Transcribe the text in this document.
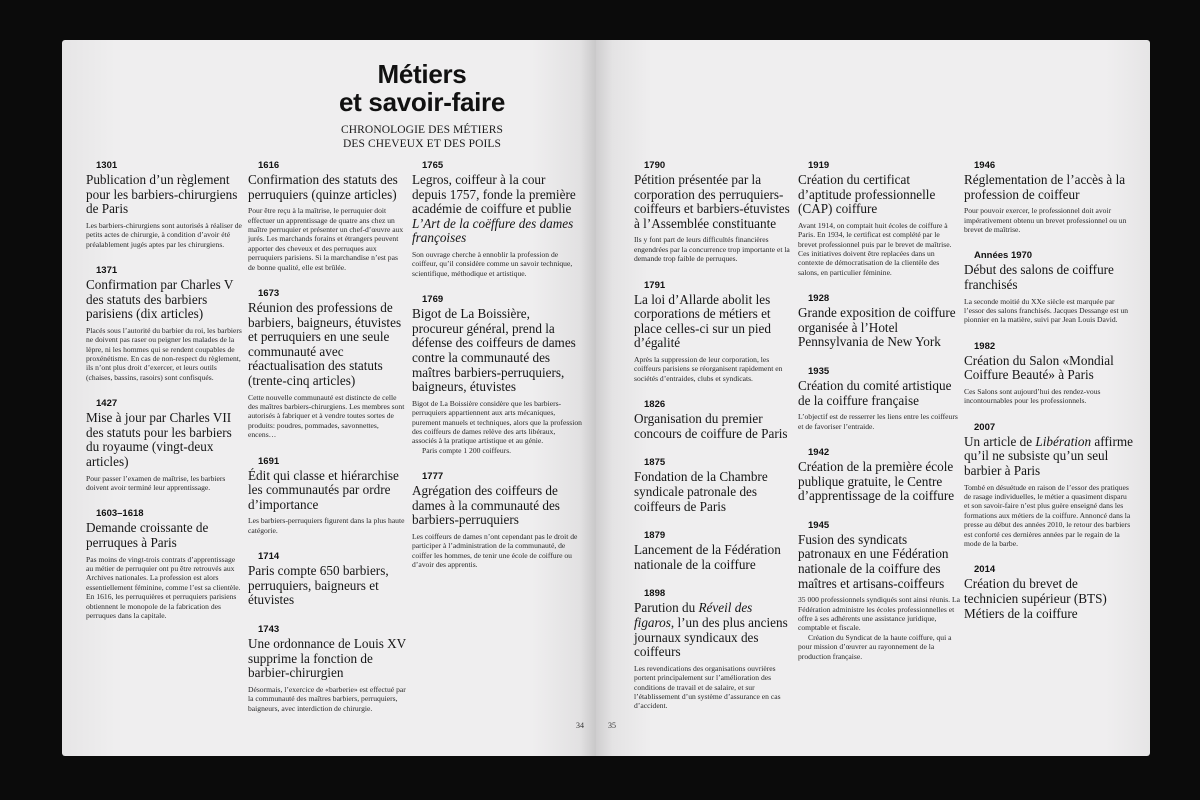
Métiers
et savoir-faire
CHRONOLOGIE DES MÉTIERS
DES CHEVEUX ET DES POILS
1301
Publication d’un règlement pour les barbiers-chirurgiens de Paris
Les barbiers-chirurgiens sont autorisés à réaliser de petits actes de chirurgie, à condition d’avoir été préalablement jugés aptes par les chirurgiens.
1371
Confirmation par Charles V des statuts des barbiers parisiens (dix articles)
Placés sous l’autorité du barbier du roi, les barbiers ne doivent pas raser ou peigner les malades de la lèpre, ni les hommes qui se rendent coupables de proxénétisme. En cas de non-respect du règlement, ils n’ont plus droit d’exercer, et leurs outils (chaises, bassins, rasoirs) sont confisqués.
1427
Mise à jour par Charles VII des statuts pour les barbiers du royaume (vingt-deux articles)
Pour passer l’examen de maîtrise, les barbiers doivent avoir terminé leur apprentissage.
1603–1618
Demande croissante de perruques à Paris
Pas moins de vingt-trois contrats d’apprentissage au métier de perruquier ont pu être retrouvés aux Archives nationales. La profession est alors essentiellement féminine, comme l’est sa clientèle. En 1616, les perruquières et perruquiers parisiens obtiennent le monopole de la fabrication des perruques dans la capitale.
1616
Confirmation des statuts des perruquiers (quinze articles)
Pour être reçu à la maîtrise, le perruquier doit effectuer un apprentissage de quatre ans chez un maître perruquier et présenter un chef-d’œuvre aux jurés. Les marchands forains et étrangers peuvent apporter des cheveux et des perruques aux perruquiers parisiens. Si la marchandise n’est pas de bonne qualité, elle est brûlée.
1673
Réunion des professions de barbiers, baigneurs, étuvistes et perruquiers en une seule communauté avec réactualisation des statuts (trente-cinq articles)
Cette nouvelle communauté est distincte de celle des maîtres barbiers-chirurgiens. Les membres sont autorisés à fabriquer et à vendre toutes sortes de produits: poudres, pommades, savonnettes, encens…
1691
Édit qui classe et hiérarchise les communautés par ordre d’importance
Les barbiers-perruquiers figurent dans la plus haute catégorie.
1714
Paris compte 650 barbiers, perruquiers, baigneurs et étuvistes
1743
Une ordonnance de Louis XV supprime la fonction de barbier-chirurgien
Désormais, l’exercice de «barberie» est effectué par la communauté des maîtres barbiers, perruquiers, baigneurs, avec interdiction de chirurgie.
1765
Legros, coiffeur à la cour depuis 1757, fonde la première académie de coiffure et publie L’Art de la coëffure des dames françoises
Son ouvrage cherche à ennoblir la profession de coiffeur, qu’il considère comme un savoir technique, scientifique, méthodique et artistique.
1769
Bigot de La Boissière, procureur général, prend la défense des coiffeurs de dames contre la communauté des maîtres barbiers-perruquiers, baigneurs, étuvistes
Bigot de La Boissière considère que les barbiers-perruquiers appartiennent aux arts mécaniques, purement manuels et techniques, alors que la profession des coiffeurs de dames relève des arts libéraux, associés à la pratique artistique et au génie.
Paris compte 1 200 coiffeurs.
1777
Agrégation des coiffeurs de dames à la communauté des barbiers-perruquiers
Les coiffeurs de dames n’ont cependant pas le droit de participer à l’administration de la communauté, de coiffer les hommes, de tenir une école de coiffure ou d’avoir des apprentis.
34
1790
Pétition présentée par la corporation des perruquiers-coiffeurs et barbiers-étuvistes à l’Assemblée constituante
Ils y font part de leurs difficultés financières engendrées par la concurrence trop importante et la demande trop faible de perruques.
1791
La loi d’Allarde abolit les corporations de métiers et place celles-ci sur un pied d’égalité
Après la suppression de leur corporation, les coiffeurs parisiens se réorganisent rapidement en sociétés d’entraides, clubs et syndicats.
1826
Organisation du premier concours de coiffure de Paris
1875
Fondation de la Chambre syndicale patronale des coiffeurs de Paris
1879
Lancement de la Fédération nationale de la coiffure
1898
Parution du Réveil des figaros, l’un des plus anciens journaux syndicaux des coiffeurs
Les revendications des organisations ouvrières portent principalement sur l’amélioration des conditions de travail et de salaire, et sur l’établissement d’un système d’assurance en cas d’accident.
1919
Création du certificat d’aptitude professionnelle (CAP) coiffure
Avant 1914, on comptait huit écoles de coiffure à Paris. En 1934, le certificat est complété par le brevet professionnel puis par le brevet de maîtrise. Ces initiatives doivent être replacées dans un contexte de démocratisation de la clientèle des salons, en particulier féminine.
1928
Grande exposition de coiffure organisée à l’Hotel Pennsylvania de New York
1935
Création du comité artistique de la coiffure française
L’objectif est de resserrer les liens entre les coiffeurs et de favoriser l’entraide.
1942
Création de la première école publique gratuite, le Centre d’apprentissage de la coiffure
1945
Fusion des syndicats patronaux en une Fédération nationale de la coiffure des maîtres et artisans-coiffeurs
35 000 professionnels syndiqués sont ainsi réunis. La Fédération administre les écoles professionnelles et offre à ses adhérents une assistance juridique, comptable et fiscale.
Création du Syndicat de la haute coiffure, qui a pour mission d’œuvrer au rayonnement de la production française.
1946
Réglementation de l’accès à la profession de coiffeur
Pour pouvoir exercer, le professionnel doit avoir impérativement obtenu un brevet professionnel ou un brevet de maîtrise.
Années 1970
Début des salons de coiffure franchisés
La seconde moitié du XXe siècle est marquée par l’essor des salons franchisés. Jacques Dessange est un pionnier en la matière, suivi par Jean Louis David.
1982
Création du Salon «Mondial Coiffure Beauté» à Paris
Ces Salons sont aujourd’hui des rendez-vous incontournables pour les professionnels.
2007
Un article de Libération affirme qu’il ne subsiste qu’un seul barbier à Paris
Tombé en désuétude en raison de l’essor des pratiques de rasage individuelles, le métier a quasiment disparu et son savoir-faire n’est plus guère enseigné dans les formations aux métiers de la coiffure. Annoncé dans la presse au début des années 2010, le retour des barbiers est conforté ces dernières années par le regain de la mode de la barbe.
2014
Création du brevet de technicien supérieur (BTS) Métiers de la coiffure
35
